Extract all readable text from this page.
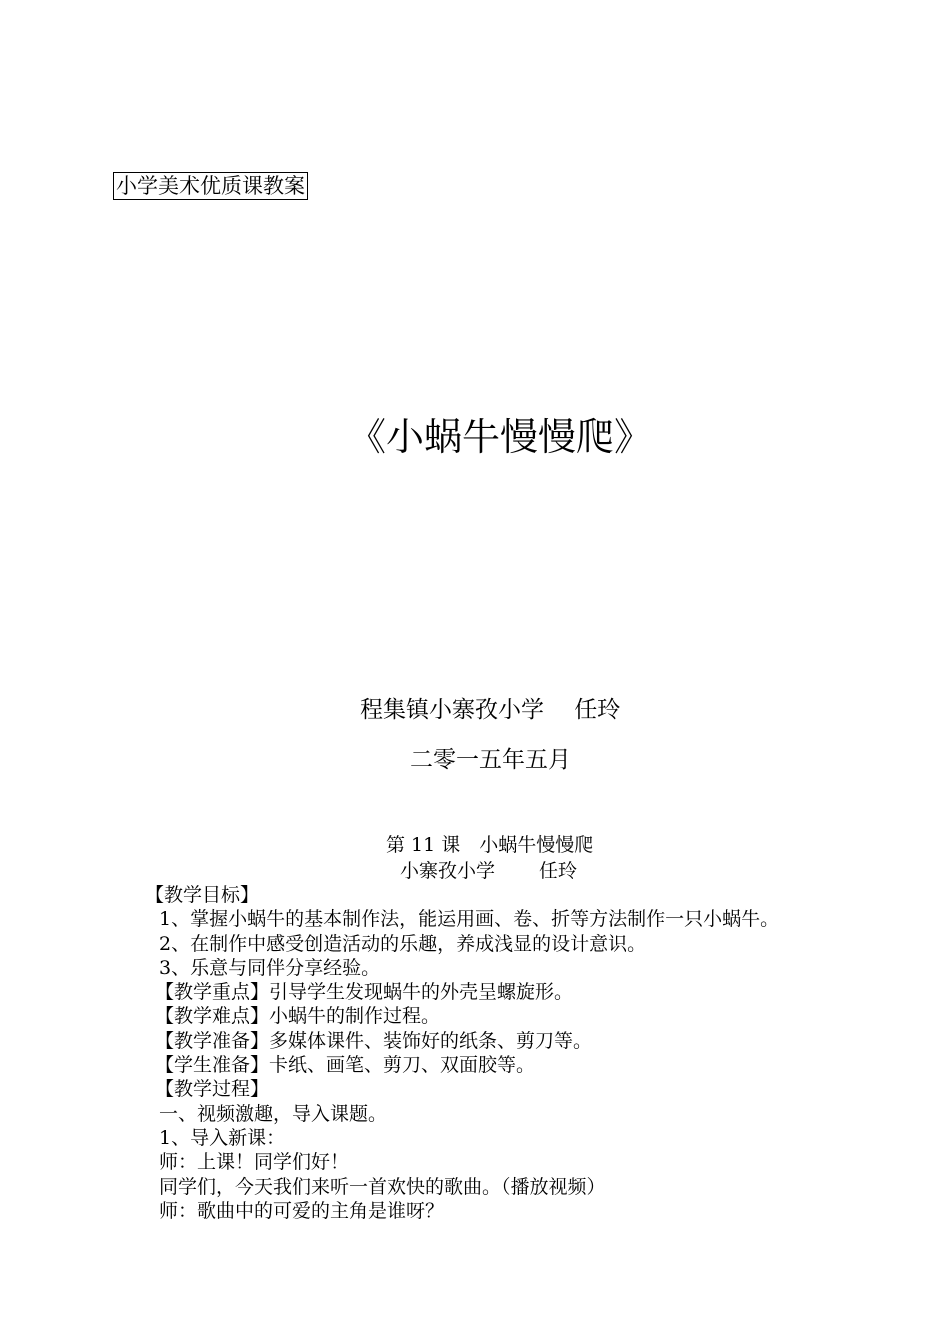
小学美术优质课教案
《小蜗牛慢慢爬》
程集镇小寨孜小学　 任玲
二零一五年五月
第 11 课　小蜗牛慢慢爬
小寨孜小学　　 任玲
【教学目标】
1、掌握小蜗牛的基本制作法，能运用画、卷、折等方法制作一只小蜗牛。
2、在制作中感受创造活动的乐趣，养成浅显的设计意识。
3、乐意与同伴分享经验。
【教学重点】引导学生发现蜗牛的外壳呈螺旋形。
【教学难点】小蜗牛的制作过程。
【教学准备】多媒体课件、装饰好的纸条、剪刀等。
【学生准备】卡纸、画笔、剪刀、双面胶等。
【教学过程】
一、视频激趣，导入课题。
1、导入新课：
师：上课！同学们好！
同学们，今天我们来听一首欢快的歌曲。（播放视频）
师：歌曲中的可爱的主角是谁呀？
